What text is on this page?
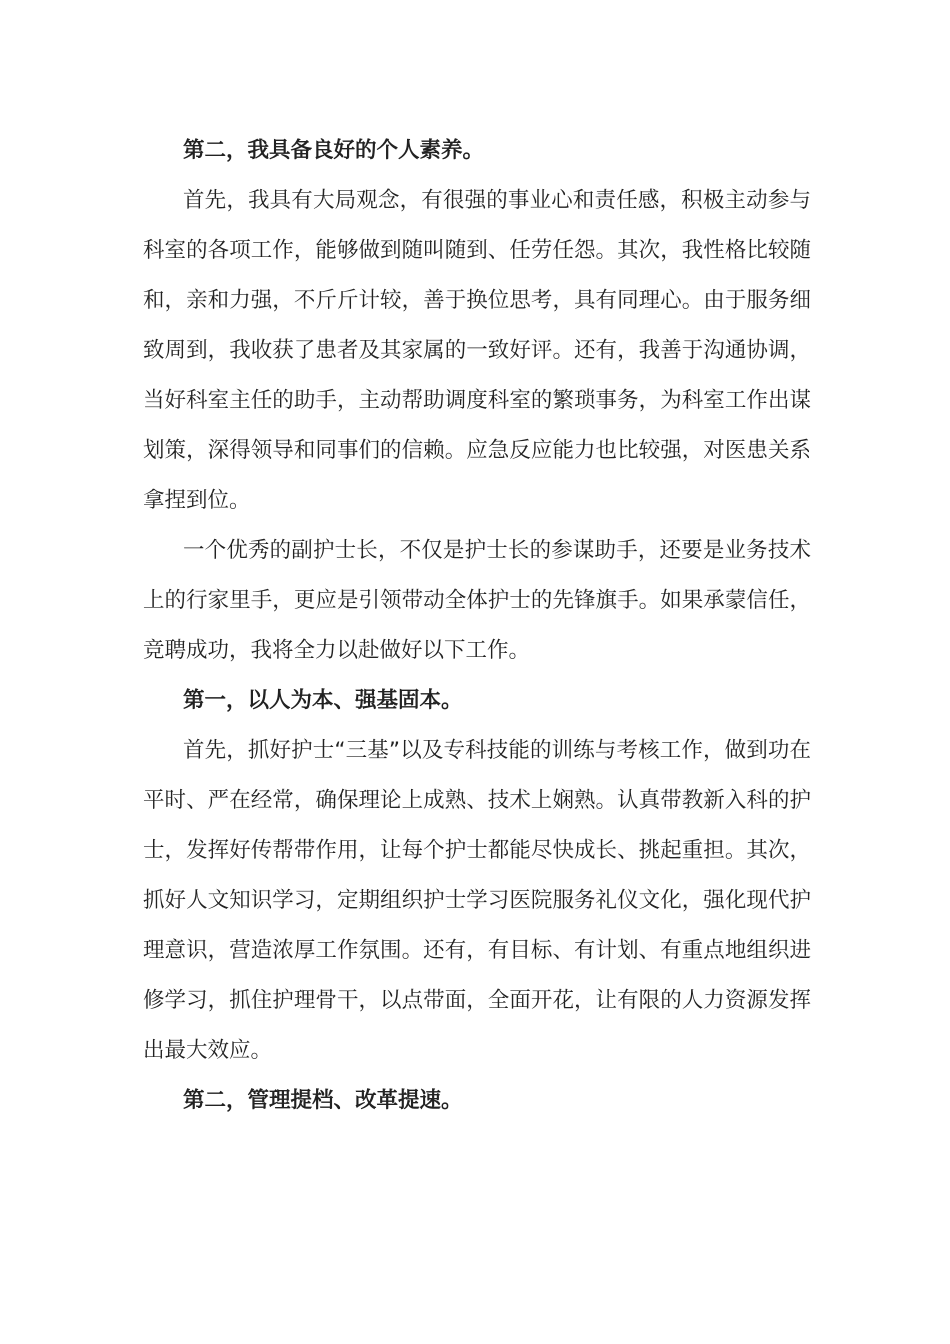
第二，我具备良好的个人素养。

首先，我具有大局观念，有很强的事业心和责任感，积极主动参与科室的各项工作，能够做到随叫随到、任劳任怨。其次，我性格比较随和，亲和力强，不斤斤计较，善于换位思考，具有同理心。由于服务细致周到，我收获了患者及其家属的一致好评。还有，我善于沟通协调，当好科室主任的助手，主动帮助调度科室的繁琐事务，为科室工作出谋划策，深得领导和同事们的信赖。应急反应能力也比较强，对医患关系拿捏到位。

一个优秀的副护士长，不仅是护士长的参谋助手，还要是业务技术上的行家里手，更应是引领带动全体护士的先锋旗手。如果承蒙信任，竞聘成功，我将全力以赴做好以下工作。

第一，以人为本、强基固本。

首先，抓好护士“三基”以及专科技能的训练与考核工作，做到功在平时、严在经常，确保理论上成熟、技术上娴熟。认真带教新入科的护士，发挥好传帮带作用，让每个护士都能尽快成长、挑起重担。其次，抓好人文知识学习，定期组织护士学习医院服务礼仪文化，强化现代护理意识，营造浓厚工作氛围。还有，有目标、有计划、有重点地组织进修学习，抓住护理骨干，以点带面，全面开花，让有限的人力资源发挥出最大效应。

第二，管理提档、改革提速。
